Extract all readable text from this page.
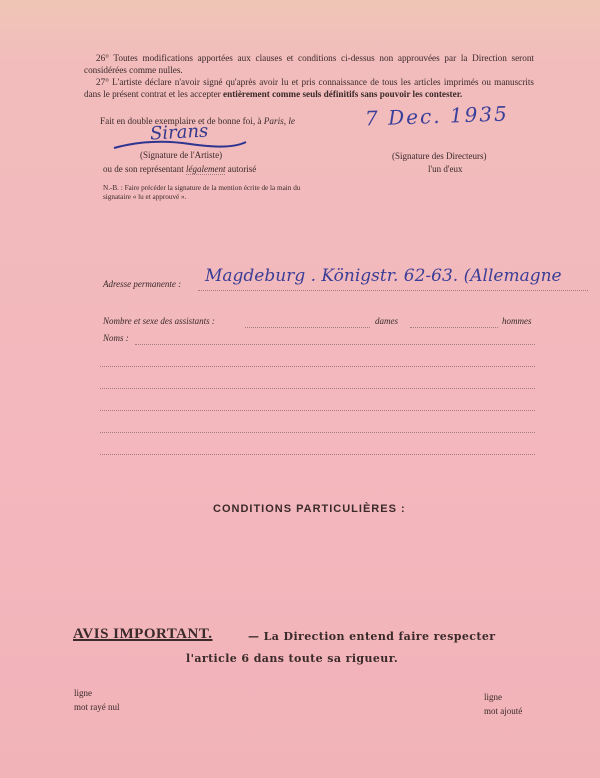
26° Toutes modifications apportées aux clauses et conditions ci-dessus non approuvées par la Direction seront considérées comme nulles.
27° L'artiste déclare n'avoir signé qu'après avoir lu et pris connaissance de tous les articles imprimés ou manuscrits dans le présent contrat et les accepter entièrement comme seuls définitifs sans pouvoir les contester.
Fait en double exemplaire et de bonne foi, à Paris, le	7 Dec. 1935
Sirans
(Signature de l'Artiste)
ou de son représentant légalement autorisé
(Signature des Directeurs)
l'un d'eux
N.-B. : Faire précéder la signature de la mention écrite de la main du signataire « lu et approuvé ».
Adresse permanente : Magdeburg . Königstr. 62-63. (Allemagne
Nombre et sexe des assistants :	dames	hommes
Noms :
CONDITIONS PARTICULIÈRES :
AVIS IMPORTANT.	— La Direction entend faire respecter
l'article 6 dans toute sa rigueur.
ligne
mot rayé nul
ligne
mot ajouté
